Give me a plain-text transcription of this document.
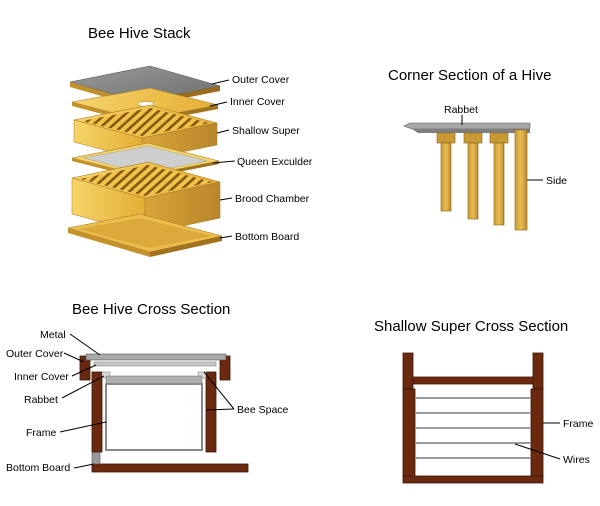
Bee Hive Stack
Outer Cover
Inner Cover
Shallow Super
Queen Exculder
Brood Chamber
Bottom Board
Corner Section of a Hive
Rabbet
Side
Bee Hive Cross Section
Metal
Outer Cover
Inner Cover
Rabbet
Frame
Bottom Board
Bee Space
Shallow Super Cross Section
Frame
Wires
